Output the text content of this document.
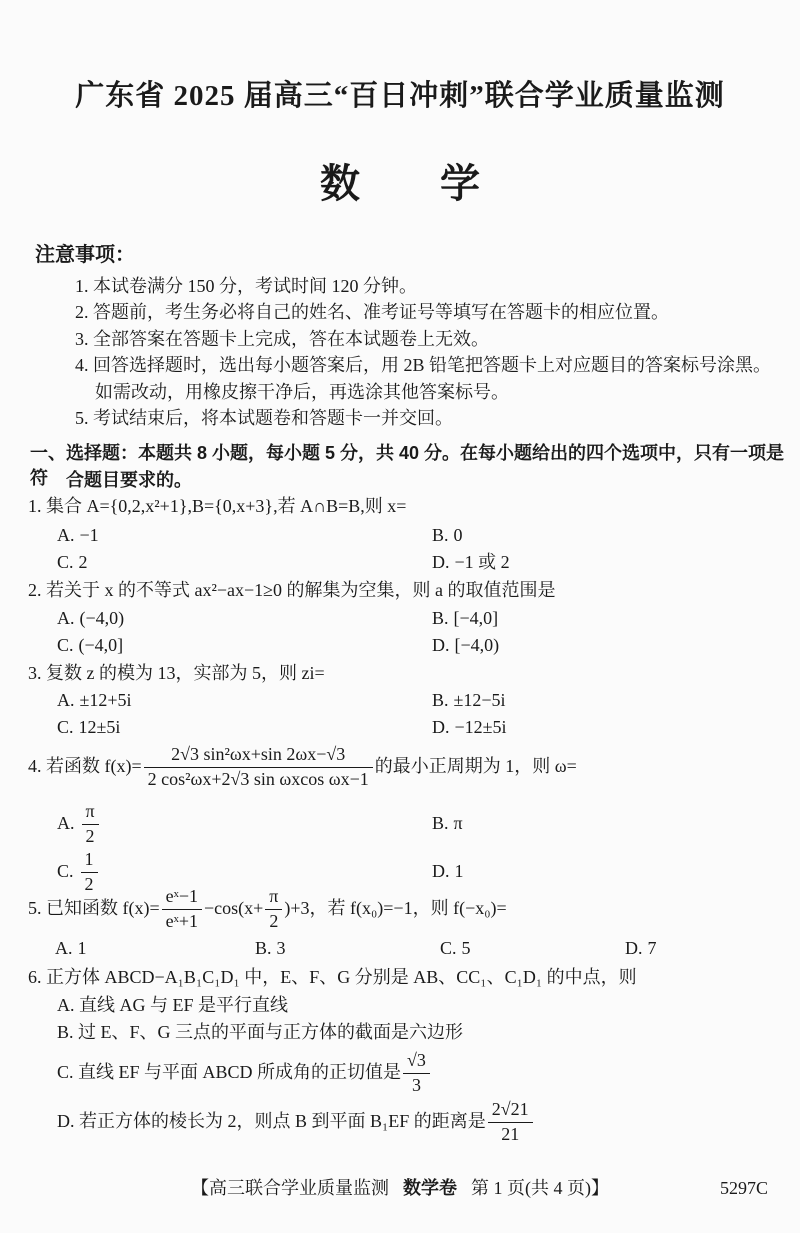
广东省 2025 届高三“百日冲刺”联合学业质量监测
数 学
注意事项：
1. 本试卷满分 150 分，考试时间 120 分钟。
2. 答题前，考生务必将自己的姓名、准考证号等填写在答题卡的相应位置。
3. 全部答案在答题卡上完成，答在本试题卷上无效。
4. 回答选择题时，选出每小题答案后，用 2B 铅笔把答题卡上对应题目的答案标号涂黑。
如需改动，用橡皮擦干净后，再选涂其他答案标号。
5. 考试结束后，将本试题卷和答题卡一并交回。
一、选择题：本题共 8 小题，每小题 5 分，共 40 分。在每小题给出的四个选项中，只有一项是符	合题目要求的。
1. 集合 A={0,2,x²+1},B={0,x+3},若 A∩B=B,则 x=
A. −1	B. 0
C. 2	D. −1 或 2
2. 若关于 x 的不等式 ax²−ax−1≥0 的解集为空集，则 a 的取值范围是
A. (−4,0)	B. [−4,0]
C. (−4,0]	D. [−4,0)
3. 复数 z 的模为 13，实部为 5，则 zi=
A. ±12+5i	B. ±12−5i
C. 12±5i	D. −12±5i
4. 若函数 $f(x)= \frac{\text{2√3 sin²ωx+sin 2ωx−√3}}{\text{2 cos²ωx+2√3 sin ωxcos ωx−1}}$ 的最小正周期为 1，则 ω=
A. $\frac{\pi}{2}$	B. π
C. $\frac{1}{2}$	D. 1
5. 已知函数 $f(x)= \frac{\text{eˣ−1}}{\text{eˣ+1}} -\cos(x+ \frac{\pi}{2} )+3$，若 f(x₀)=−1，则 f(−x₀)=
A. 1	B. 3	C. 5	D. 7
6. 正方体 ABCD−A₁B₁C₁D₁ 中，E、F、G 分别是 AB、CC₁、C₁D₁ 的中点，则
A. 直线 AG 与 EF 是平行直线
B. 过 E、F、G 三点的平面与正方体的截面是六边形
C. 直线 EF 与平面 ABCD 所成角的正切值是 $\frac{√3}{3}$
D. 若正方体的棱长为 2，则点 B 到平面 B₁EF 的距离是 $\frac{2√21}{21}$
【高三联合学业质量监测 数学卷 第 1 页(共 4 页)】	5297C
